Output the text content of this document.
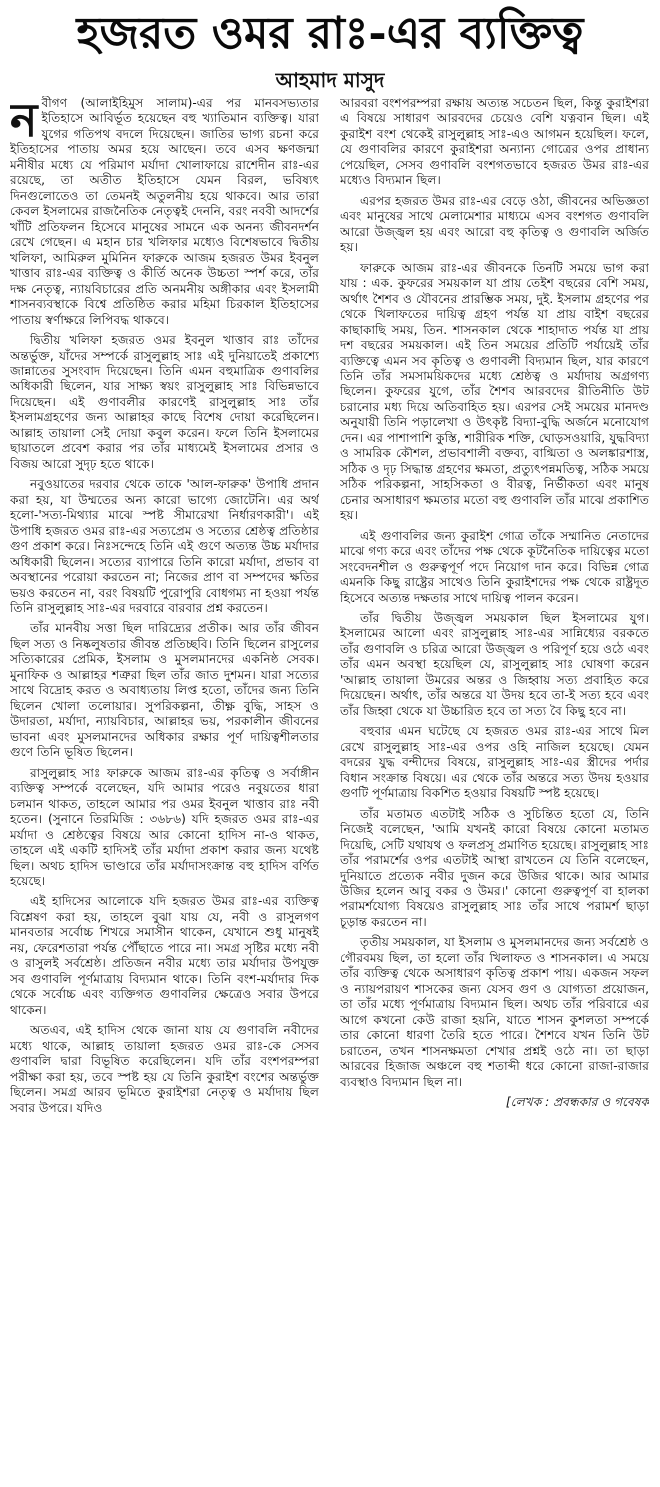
হজরত ওমর রাঃ-এর ব্যক্তিত্ব
আহমাদ মাসুদ

নবীগণ (আলাইহিমুস সালাম)-এর পর মানবসভ্যতার ইতিহাসে আবির্ভূত হয়েছেন বহু খ্যাতিমান ব্যক্তিত্ব। যারা যুগের গতিপথ বদলে দিয়েছেন। জাতির ভাগ্য রচনা করে ইতিহাসের পাতায় অমর হয়ে আছেন। তবে এসব ক্ষণজন্মা মনীষীর মধ্যে যে পরিমাণ মর্যাদা খোলাফায়ে রাশেদীন রাঃ-এর রয়েছে, তা অতীত ইতিহাসে যেমন বিরল, ভবিষ্যৎ দিনগুলোতেও তা তেমনই অতুলনীয় হয়ে থাকবে। আর তারা কেবল ইসলামের রাজনৈতিক নেতৃত্বই দেননি, বরং নববী আদর্শের খাঁটি প্রতিফলন হিসেবে মানুষের সামনে এক অনন্য জীবনদর্শন রেখে গেছেন। এ মহান চার খলিফার মধ্যেও বিশেষভাবে দ্বিতীয় খলিফা, আমিরুল মুমিনিন ফারুকে আজম হজরত উমর ইবনুল খাত্তাব রাঃ-এর ব্যক্তিত্ব ও কীর্তি অনেক উচ্চতা স্পর্শ করে, তাঁর দক্ষ নেতৃত্ব, ন্যায়বিচারের প্রতি অনমনীয় অঙ্গীকার এবং ইসলামী শাসনব্যবস্থাকে বিশ্বে প্রতিষ্ঠিত করার মহিমা চিরকাল ইতিহাসের পাতায় স্বর্ণাক্ষরে লিপিবদ্ধ থাকবে।

দ্বিতীয় খলিফা হজরত ওমর ইবনুল খাত্তাব রাঃ তাঁদের অন্তর্ভুক্ত, যাঁদের সম্পর্কে রাসুলুল্লাহ সাঃ এই দুনিয়াতেই প্রকাশ্যে জান্নাতের সুসংবাদ দিয়েছেন। তিনি এমন বহুমাত্রিক গুণাবলির অধিকারী ছিলেন, যার সাক্ষ্য স্বয়ং রাসুলুল্লাহ সাঃ বিভিন্নভাবে দিয়েছেন। এই গুণাবলীর কারণেই রাসুলুল্লাহ সাঃ তাঁর ইসলামগ্রহণের জন্য আল্লাহর কাছে বিশেষ দোয়া করেছিলেন। আল্লাহ তায়ালা সেই দোয়া কবুল করেন। ফলে তিনি ইসলামের ছায়াতলে প্রবেশ করার পর তাঁর মাধ্যমেই ইসলামের প্রসার ও বিজয় আরো সুদৃঢ় হতে থাকে।

নবুওয়াতের দরবার থেকে তাকে 'আল-ফারুক' উপাধি প্রদান করা হয়, যা উম্মতের অন্য কারো ভাগ্যে জোটেনি। এর অর্থ হলো-'সত্য-মিথ্যার মাঝে স্পষ্ট সীমারেখা নির্ধারণকারী'। এই উপাধি হজরত ওমর রাঃ-এর সত্যপ্রেম ও সত্যের শ্রেষ্ঠত্ব প্রতিষ্ঠার গুণ প্রকাশ করে। নিঃসন্দেহে তিনি এই গুণে অত্যন্ত উচ্চ মর্যাদার অধিকারী ছিলেন। সত্যের ব্যাপারে তিনি কারো মর্যাদা, প্রভাব বা অবস্থানের পরোয়া করতেন না; নিজের প্রাণ বা সম্পদের ক্ষতির ভয়ও করতেন না, বরং বিষয়টি পুরোপুরি বোধগম্য না হওয়া পর্যন্ত তিনি রাসুলুল্লাহ সাঃ-এর দরবারে বারবার প্রশ্ন করতেন।

তাঁর মানবীয় সত্তা ছিল দারিদ্র্যের প্রতীক। আর তাঁর জীবন ছিল সত্য ও নিষ্কলুষতার জীবন্ত প্রতিচ্ছবি। তিনি ছিলেন রাসুলের সত্যিকারের প্রেমিক, ইসলাম ও মুসলমানদের একনিষ্ঠ সেবক। মুনাফিক ও আল্লাহর শত্রুরা ছিল তাঁর জাত দুশমন। যারা সত্যের সাথে বিদ্রোহ করত ও অবাধ্যতায় লিপ্ত হতো, তাঁদের জন্য তিনি ছিলেন খোলা তলোয়ার। সুপরিকল্পনা, তীক্ষ্ণ বুদ্ধি, সাহস ও উদারতা, মর্যাদা, ন্যায়বিচার, আল্লাহর ভয়, পরকালীন জীবনের ভাবনা এবং মুসলমানদের অধিকার রক্ষার পূর্ণ দায়িত্বশীলতার গুণে তিনি ভূষিত ছিলেন।

রাসুলুল্লাহ সাঃ ফারুকে আজম রাঃ-এর কৃতিত্ব ও সর্বাঙ্গীন ব্যক্তিত্ব সম্পর্কে বলেছেন, যদি আমার পরেও নবুয়তের ধারা চলমান থাকত, তাহলে আমার পর ওমর ইবনুল খাত্তাব রাঃ নবী হতেন। (সুনানে তিরমিজি : ৩৬৮৬) যদি হজরত ওমর রাঃ-এর মর্যাদা ও শ্রেষ্ঠত্বের বিষয়ে আর কোনো হাদিস না-ও থাকত, তাহলে এই একটি হাদিসই তাঁর মর্যাদা প্রকাশ করার জন্য যথেষ্ট ছিল। অথচ হাদিস ভাণ্ডারে তাঁর মর্যাদাসংক্রান্ত বহু হাদিস বর্ণিত হয়েছে।

এই হাদিসের আলোকে যদি হজরত উমর রাঃ-এর ব্যক্তিত্ব বিশ্লেষণ করা হয়, তাহলে বুঝা যায় যে, নবী ও রাসুলগণ মানবতার সর্বোচ্চ শিখরে সমাসীন থাকেন, যেখানে শুধু মানুষই নয়, ফেরেশতারা পর্যন্ত পৌঁছাতে পারে না। সমগ্র সৃষ্টির মধ্যে নবী ও রাসুলই সর্বশ্রেষ্ঠ। প্রতিজন নবীর মধ্যে তার মর্যাদার উপযুক্ত সব গুণাবলি পূর্ণমাত্রায় বিদ্যমান থাকে। তিনি বংশ-মর্যাদার দিক থেকে সর্বোচ্চ এবং ব্যক্তিগত গুণাবলির ক্ষেত্রেও সবার উপরে থাকেন।

অতএব, এই হাদিস থেকে জানা যায় যে গুণাবলি নবীদের মধ্যে থাকে, আল্লাহ তায়ালা হজরত ওমর রাঃ-কে সেসব গুণাবলি দ্বারা বিভূষিত করেছিলেন। যদি তাঁর বংশপরম্পরা পরীক্ষা করা হয়, তবে স্পষ্ট হয় যে তিনি কুরাইশ বংশের অন্তর্ভুক্ত ছিলেন। সমগ্র আরব ভূমিতে কুরাইশরা নেতৃত্ব ও মর্যাদায় ছিল সবার উপরে। যদিও

আরবরা বংশপরম্পরা রক্ষায় অত্যন্ত সচেতন ছিল, কিন্তু কুরাইশরা এ বিষয়ে সাধারণ আরবদের চেয়েও বেশি যত্নবান ছিল। এই কুরাইশ বংশ থেকেই রাসুলুল্লাহ সাঃ-এও আগমন হয়েছিল। ফলে, যে গুণাবলির কারণে কুরাইশরা অন্যান্য গোত্রের ওপর প্রাধান্য পেয়েছিল, সেসব গুণাবলি বংশগতভাবে হজরত উমর রাঃ-এর মধ্যেও বিদ্যমান ছিল।

এরপর হজরত উমর রাঃ-এর বেড়ে ওঠা, জীবনের অভিজ্ঞতা এবং মানুষের সাথে মেলামেশার মাধ্যমে এসব বংশগত গুণাবলি আরো উজ্জ্বল হয় এবং আরো বহু কৃতিত্ব ও গুণাবলি অর্জিত হয়।

ফারুকে আজম রাঃ-এর জীবনকে তিনটি সময়ে ভাগ করা যায় : এক. কুফরের সময়কাল যা প্রায় তেইশ বছরের বেশি সময়, অর্থাৎ শৈশব ও যৌবনের প্রারম্ভিক সময়, দুই. ইসলাম গ্রহণের পর থেকে খিলাফতের দায়িত্ব গ্রহণ পর্যন্ত যা প্রায় বাইশ বছরের কাছাকাছি সময়, তিন. শাসনকাল থেকে শাহাদাত পর্যন্ত যা প্রায় দশ বছরের সময়কাল। এই তিন সময়ের প্রতিটি পর্যায়েই তাঁর ব্যক্তিত্বে এমন সব কৃতিত্ব ও গুণাবলী বিদ্যমান ছিল, যার কারণে তিনি তাঁর সমসাময়িকদের মধ্যে শ্রেষ্ঠত্ব ও মর্যাদায় অগ্রগণ্য ছিলেন। কুফরের যুগে, তাঁর শৈশব আরবদের রীতিনীতি উট চরানোর মধ্য দিয়ে অতিবাহিত হয়। এরপর সেই সময়ের মানদণ্ড অনুযায়ী তিনি পড়ালেখা ও উৎকৃষ্ট বিদ্যা-বুদ্ধি অর্জনে মনোযোগ দেন। এর পাশাপাশি কুস্তি, শারীরিক শক্তি, ঘোড়সওয়ারি, যুদ্ধবিদ্যা ও সামরিক কৌশল, প্রভাবশালী বক্তব্য, বাগ্মিতা ও অলঙ্কারশাস্ত্র, সঠিক ও দৃঢ় সিদ্ধান্ত গ্রহণের ক্ষমতা, প্রত্যুৎপন্নমতিত্ব, সঠিক সময়ে সঠিক পরিকল্পনা, সাহসিকতা ও বীরত্ব, নির্ভীকতা এবং মানুষ চেনার অসাধারণ ক্ষমতার মতো বহু গুণাবলি তাঁর মাঝে প্রকাশিত হয়।

এই গুণাবলির জন্য কুরাইশ গোত্র তাঁকে সম্মানিত নেতাদের মাঝে গণ্য করে এবং তাঁদের পক্ষ থেকে কূটনৈতিক দায়িত্বের মতো সংবেদনশীল ও গুরুত্বপূর্ণ পদে নিয়োগ দান করে। বিভিন্ন গোত্র এমনকি কিছু রাষ্ট্রের সাথেও তিনি কুরাইশদের পক্ষ থেকে রাষ্ট্রদূত হিসেবে অত্যন্ত দক্ষতার সাথে দায়িত্ব পালন করেন।

তাঁর দ্বিতীয় উজ্জ্বল সময়কাল ছিল ইসলামের যুগ। ইসলামের আলো এবং রাসুলুল্লাহ সাঃ-এর সান্নিধ্যের বরকতে তাঁর গুণাবলি ও চরিত্র আরো উজ্জ্বল ও পরিপূর্ণ হয়ে ওঠে এবং তাঁর এমন অবস্থা হয়েছিল যে, রাসুলুল্লাহ সাঃ ঘোষণা করেন 'আল্লাহ তায়ালা উমরের অন্তর ও জিহ্বায় সত্য প্রবাহিত করে দিয়েছেন। অর্থাৎ, তাঁর অন্তরে যা উদয় হবে তা-ই সত্য হবে এবং তাঁর জিহ্বা থেকে যা উচ্চারিত হবে তা সত্য বৈ কিছু হবে না।

বহুবার এমন ঘটেছে যে হজরত ওমর রাঃ-এর সাথে মিল রেখে রাসুলুল্লাহ সাঃ-এর ওপর ওহি নাজিল হয়েছে। যেমন বদরের যুদ্ধ বন্দীদের বিষয়ে, রাসুলুল্লাহ সাঃ-এর স্ত্রীদের পর্দার বিধান সংক্রান্ত বিষয়ে। এর থেকে তাঁর অন্তরে সত্য উদয় হওয়ার গুণটি পূর্ণমাত্রায় বিকশিত হওয়ার বিষয়টি স্পষ্ট হয়েছে।

তাঁর মতামত এতটাই সঠিক ও সুচিন্তিত হতো যে, তিনি নিজেই বলেছেন, 'আমি যখনই কারো বিষয়ে কোনো মতামত দিয়েছি, সেটি যথাযথ ও ফলপ্রসূ প্রমাণিত হয়েছে। রাসুলুল্লাহ সাঃ তাঁর পরামর্শের ওপর এতটাই আস্থা রাখতেন যে তিনি বলেছেন, দুনিয়াতে প্রত্যেক নবীর দুজন করে উজির থাকে। আর আমার উজির হলেন আবু বকর ও উমর।' কোনো গুরুত্বপূর্ণ বা হালকা পরামর্শযোগ্য বিষয়েও রাসুলুল্লাহ সাঃ তাঁর সাথে পরামর্শ ছাড়া চূড়ান্ত করতেন না।

তৃতীয় সময়কাল, যা ইসলাম ও মুসলমানদের জন্য সর্বশ্রেষ্ঠ ও গৌরবময় ছিল, তা হলো তাঁর খিলাফত ও শাসনকাল। এ সময়ে তাঁর ব্যক্তিত্ব থেকে অসাধারণ কৃতিত্ব প্রকাশ পায়। একজন সফল ও ন্যায়পরায়ণ শাসকের জন্য যেসব গুণ ও যোগ্যতা প্রয়োজন, তা তাঁর মধ্যে পূর্ণমাত্রায় বিদ্যমান ছিল। অথচ তাঁর পরিবারে এর আগে কখনো কেউ রাজা হয়নি, যাতে শাসন কুশলতা সম্পর্কে তার কোনো ধারণা তৈরি হতে পারে। শৈশবে যখন তিনি উট চরাতেন, তখন শাসনক্ষমতা শেখার প্রশ্নই ওঠে না। তা ছাড়া আরবের হিজাজ অঞ্চলে বহু শতাব্দী ধরে কোনো রাজা-রাজার ব্যবস্থাও বিদ্যমান ছিল না।

[লেখক : প্রবন্ধকার ও গবেষক
